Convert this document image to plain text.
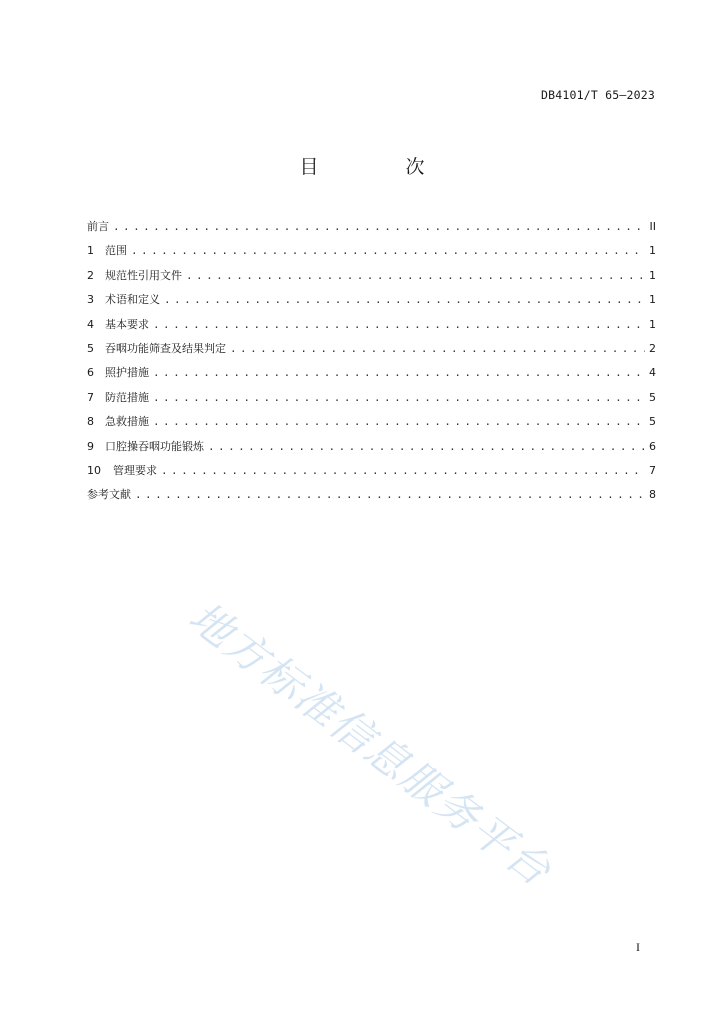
DB4101/T 65—2023
目　次
前言 . . .	II
1	范围 . . .	1
2	规范性引用文件 . . .	1
3	术语和定义 . . .	1
4	基本要求 . . .	1
5	吞咽功能筛查及结果判定 . . .	2
6	照护措施 . . .	4
7	防范措施 . . .	5
8	急救措施 . . .	5
9	口腔操吞咽功能锻炼 . . .	6
10	管理要求 . . .	7
参考文献 . . .	8
地方标准信息服务平台
I
